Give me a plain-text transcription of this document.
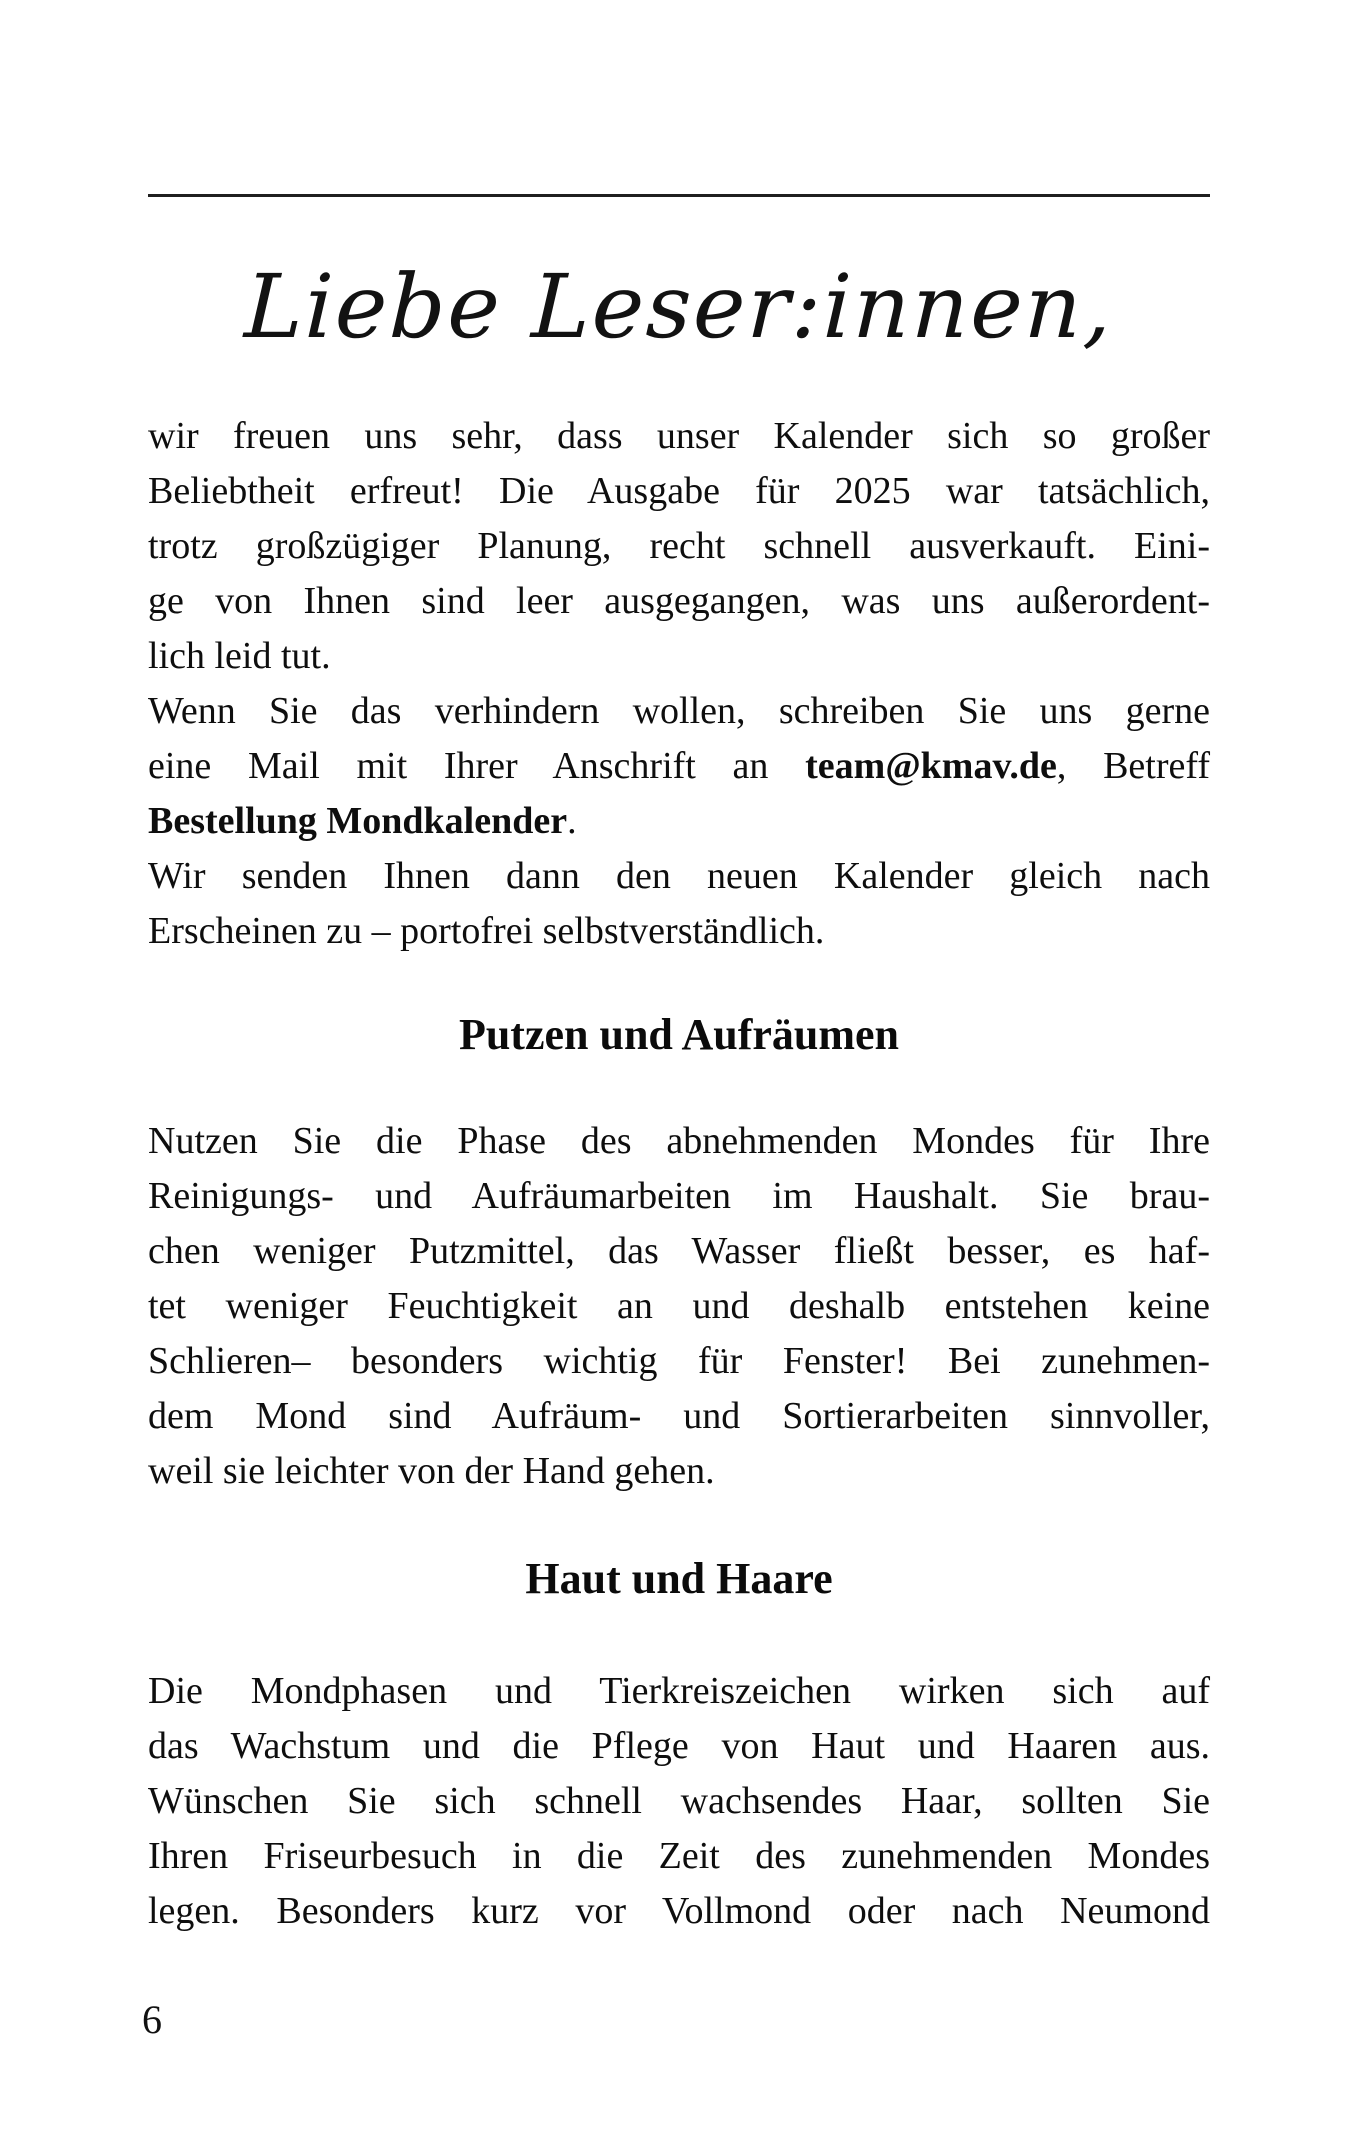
Liebe Leser:innen,
wir freuen uns sehr, dass unser Kalender sich so großer
Beliebtheit erfreut! Die Ausgabe für 2025 war tatsächlich,
trotz großzügiger Planung, recht schnell ausverkauft. Eini-
ge von Ihnen sind leer ausgegangen, was uns außerordent-
lich leid tut.
Wenn Sie das verhindern wollen, schreiben Sie uns gerne
eine Mail mit Ihrer Anschrift an team@kmav.de, Betreff
Bestellung Mondkalender.
Wir senden Ihnen dann den neuen Kalender gleich nach
Erscheinen zu – portofrei selbstverständlich.
Putzen und Aufräumen
Nutzen Sie die Phase des abnehmenden Mondes für Ihre
Reinigungs- und Aufräumarbeiten im Haushalt. Sie brau-
chen weniger Putzmittel, das Wasser fließt besser, es haf-
tet weniger Feuchtigkeit an und deshalb entstehen keine
Schlieren– besonders wichtig für Fenster! Bei zunehmen-
dem Mond sind Aufräum- und Sortierarbeiten sinnvoller,
weil sie leichter von der Hand gehen.
Haut und Haare
Die Mondphasen und Tierkreiszeichen wirken sich auf
das Wachstum und die Pflege von Haut und Haaren aus.
Wünschen Sie sich schnell wachsendes Haar, sollten Sie
Ihren Friseurbesuch in die Zeit des zunehmenden Mondes
legen. Besonders kurz vor Vollmond oder nach Neumond
6
